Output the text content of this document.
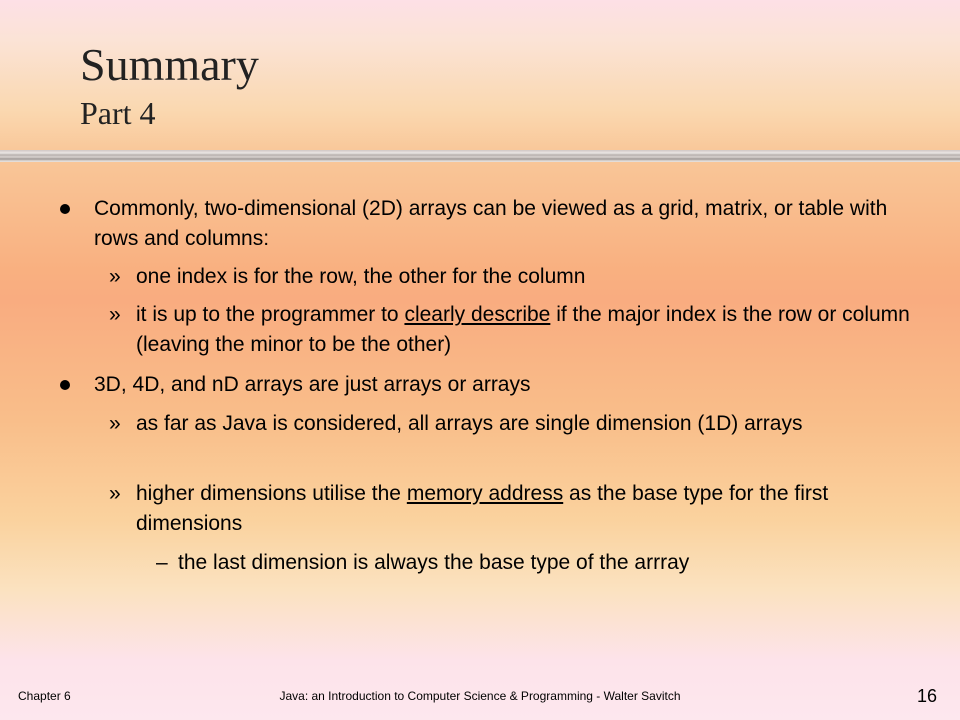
Summary
Part 4
Commonly, two-dimensional (2D) arrays can be viewed as a grid, matrix, or table with rows and columns:
» one index is for the row, the other for the column
» it is up to the programmer to clearly describe if the major index is the row or column (leaving the minor to be the other)
3D, 4D, and nD arrays are just arrays or arrays
» as far as Java is considered, all arrays are single dimension (1D) arrays
» higher dimensions utilise the memory address as the base type for the first dimensions
– the last dimension is always the base type of the arrray
Chapter 6	Java: an Introduction to Computer Science & Programming - Walter Savitch	16
